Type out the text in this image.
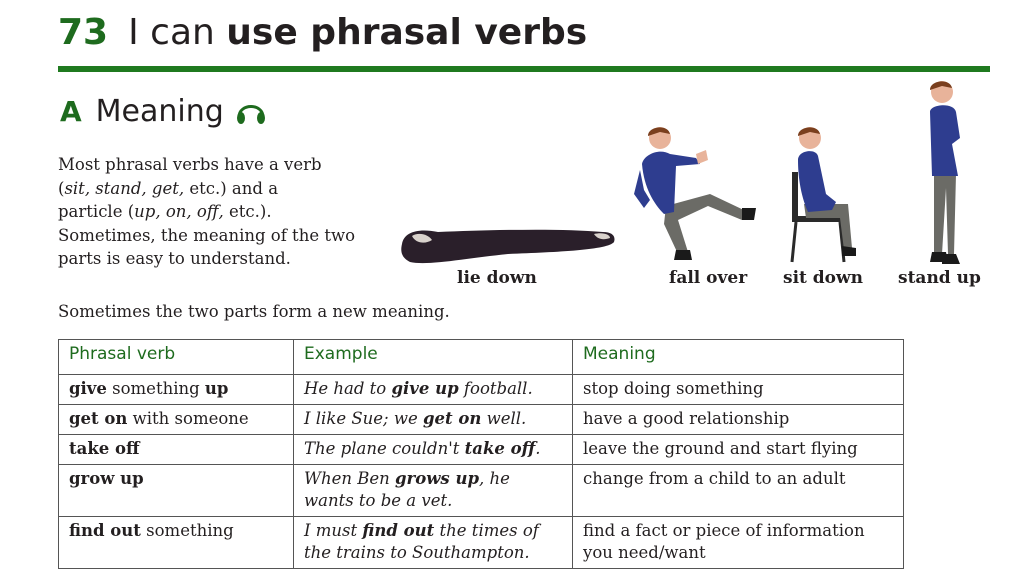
73 I can use phrasal verbs
A Meaning
Most phrasal verbs have a verb
(sit, stand, get, etc.) and a
particle (up, on, off, etc.).
Sometimes, the meaning of the two
parts is easy to understand.
lie down	fall over sit down stand up
Sometimes the two parts form a new meaning.
Phrasal verb	Example	Meaning
give something up	He had to give up football.	stop doing something
get on with someone	I like Sue; we get on well.	have a good relationship
take off	The plane couldn't take off.	leave the ground and start flying
grow up	When Ben grows up, he wants to be a vet.	change from a child to an adult
find out something	I must find out the times of the trains to Southampton.	find a fact or piece of information you need/want
